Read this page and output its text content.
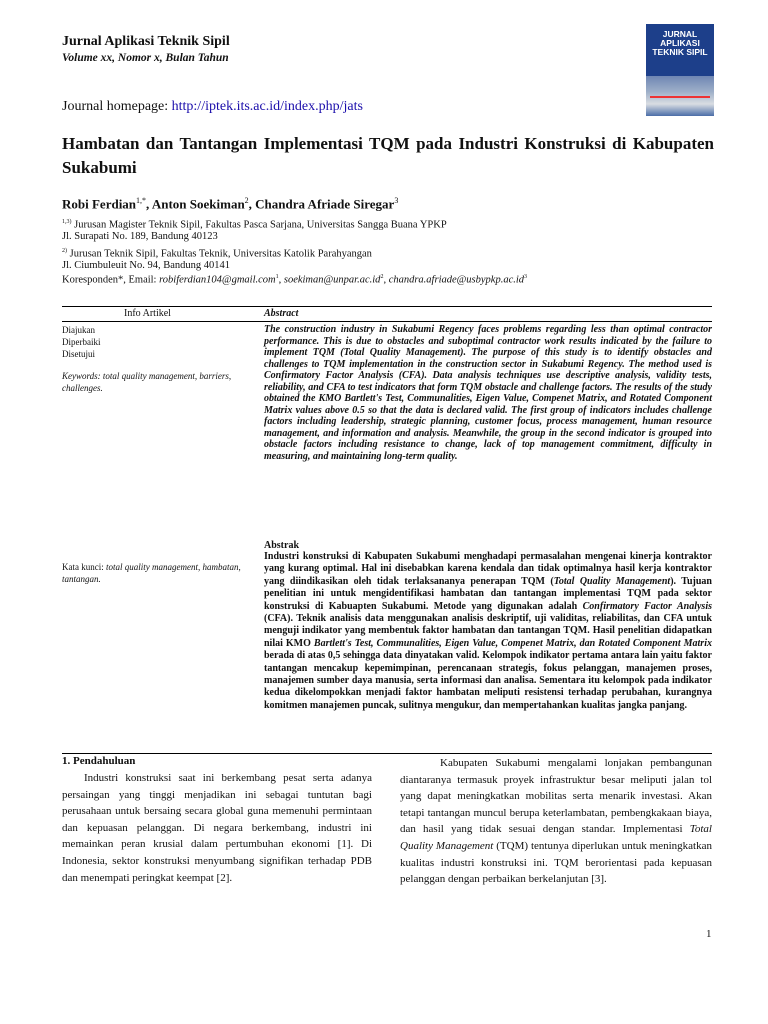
Jurnal Aplikasi Teknik Sipil
Volume xx, Nomor x, Bulan Tahun
JURNAL APLIKASI TEKNIK SIPIL
Journal homepage: http://iptek.its.ac.id/index.php/jats
Hambatan dan Tantangan Implementasi TQM pada Industri Konstruksi di Kabupaten Sukabumi
Robi Ferdian$^{1,*}$, Anton Soekiman$^2$, Chandra Afriade Siregar$^3$
$^{1,3)}$ Jurusan Magister Teknik Sipil, Fakultas Pasca Sarjana, Universitas Sangga Buana YPKP
Jl. Surapati No. 189, Bandung 40123
$^{2)}$ Jurusan Teknik Sipil, Fakultas Teknik, Universitas Katolik Parahyangan
Jl. Ciumbuleuit No. 94, Bandung 40141
Koresponden*, Email: robiferdian104@gmail.com$^1$, $soekiman@unpar.ac.id^2$, $chandra.afriade@usbypkp.ac.id^3$
Info Artikel	Abstract
Diajukan
Diperbaiki
Disetujui
Keywords: total quality management, barriers, challenges.
The construction industry in Sukabumi Regency faces problems regarding less than optimal contractor performance. This is due to obstacles and suboptimal contractor work results indicated by the failure to implement TQM (Total Quality Management). The purpose of this study is to identify obstacles and challenges to TQM implementation in the construction sector in Sukabumi Regency. The method used is Confirmatory Factor Analysis (CFA). Data analysis techniques use descriptive analysis, validity tests, reliability, and CFA to test indicators that form TQM obstacle and challenge factors. The results of the study obtained the KMO Bartlett's Test, Communalities, Eigen Value, Compenet Matrix, and Rotated Component Matrix values above 0.5 so that the data is declared valid. The first group of indicators includes challenge factors including leadership, strategic planning, customer focus, process management, human resource management, and information and analysis. Meanwhile, the group in the second indicator is grouped into obstacle factors including resistance to change, lack of top management commitment, difficulty in measuring, and maintaining long-term quality.
Kata kunci: total quality management, hambatan, tantangan.
Abstrak
Industri konstruksi di Kabupaten Sukabumi menghadapi permasalahan mengenai kinerja kontraktor yang kurang optimal. Hal ini disebabkan karena kendala dan tidak optimalnya hasil kerja kontraktor yang diindikasikan oleh tidak terlaksananya penerapan TQM (Total Quality Management). Tujuan penelitian ini untuk mengidentifikasi hambatan dan tantangan implementasi TQM pada sektor konstruksi di Kabuapten Sukabumi. Metode yang digunakan adalah Confirmatory Factor Analysis (CFA). Teknik analisis data menggunakan analisis deskriptif, uji validitas, reliabilitas, dan CFA untuk menguji indikator yang membentuk faktor hambatan dan tantangan TQM. Hasil penelitian didapatkan nilai KMO Bartlett's Test, Communalities, Eigen Value, Compenet Matrix, dan Rotated Component Matrix berada di atas 0,5 sehingga data dinyatakan valid. Kelompok indikator pertama antara lain yaitu faktor tantangan mencakup kepemimpinan, perencanaan strategis, fokus pelanggan, manajemen proses, manajemen sumber daya manusia, serta informasi dan analisa. Sementara itu kelompok pada indikator kedua dikelompokkan menjadi faktor hambatan meliputi resistensi terhadap perubahan, kurangnya komitmen manajemen puncak, sulitnya mengukur, dan mempertahankan kualitas jangka panjang.
1. Pendahuluan

Industri konstruksi saat ini berkembang pesat serta adanya persaingan yang tinggi menjadikan ini sebagai tuntutan bagi perusahaan untuk bersaing secara global guna memenuhi permintaan dan kepuasan pelanggan. Di negara berkembang, industri ini memainkan peran krusial dalam pertumbuhan ekonomi [1]. Di Indonesia, sektor konstruksi menyumbang signifikan terhadap PDB dan menempati peringkat keempat [2].

Kabupaten Sukabumi mengalami lonjakan pembangunan diantaranya termasuk proyek infrastruktur besar meliputi jalan tol yang dapat meningkatkan mobilitas serta menarik investasi. Akan tetapi tantangan muncul berupa keterlambatan, pembengkakaan biaya, dan hasil yang tidak sesuai dengan standar. Implementasi Total Quality Management (TQM) tentunya diperlukan untuk meningkatkan kualitas industri konstruksi ini. TQM berorientasi pada kepuasan pelanggan dengan perbaikan berkelanjutan [3].

1
